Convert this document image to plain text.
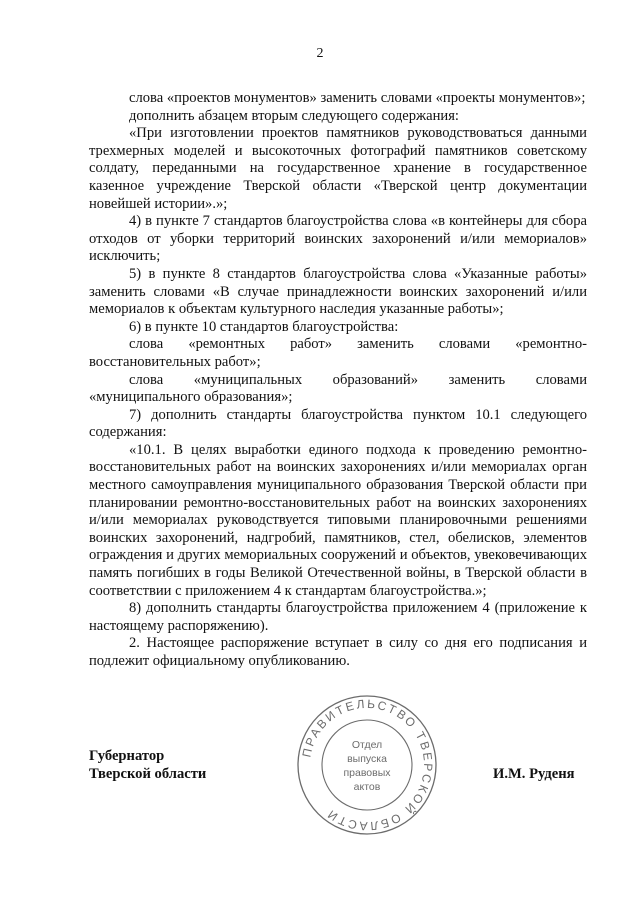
2

слова «проектов монументов» заменить словами «проекты монументов»;

дополнить абзацем вторым следующего содержания:

«При изготовлении проектов памятников руководствоваться данными трехмерных моделей и высокоточных фотографий памятников советскому солдату, переданными на государственное хранение в государственное казенное учреждение Тверской области «Тверской центр документации новейшей истории».»;

4) в пункте 7 стандартов благоустройства слова «в контейнеры для сбора отходов от уборки территорий воинских захоронений и/или мемориалов» исключить;

5) в пункте 8 стандартов благоустройства слова «Указанные работы» заменить словами «В случае принадлежности воинских захоронений и/или мемориалов к объектам культурного наследия указанные работы»;

6) в пункте 10 стандартов благоустройства:

слова «ремонтных работ» заменить словами «ремонтно-восстановительных работ»;

слова «муниципальных образований» заменить словами «муниципального образования»;

7) дополнить стандарты благоустройства пунктом 10.1 следующего содержания:

«10.1. В целях выработки единого подхода к проведению ремонтно-восстановительных работ на воинских захоронениях и/или мемориалах орган местного самоуправления муниципального образования Тверской области при планировании ремонтно-восстановительных работ на воинских захоронениях и/или мемориалах руководствуется типовыми планировочными решениями воинских захоронений, надгробий, памятников, стел, обелисков, элементов ограждения и других мемориальных сооружений и объектов, увековечивающих память погибших в годы Великой Отечественной войны, в Тверской области в соответствии с приложением 4 к стандартам благоустройства.»;

8) дополнить стандарты благоустройства приложением 4 (приложение к настоящему распоряжению).

2. Настоящее распоряжение вступает в силу со дня его подписания и подлежит официальному опубликованию.

Губернатор
Тверской области	И.М. Руденя
ПРАВИТЕЛЬСТВО ТВЕРСКОЙ ОБЛАСТИ
Отдел
выпуска
правовых
актов
